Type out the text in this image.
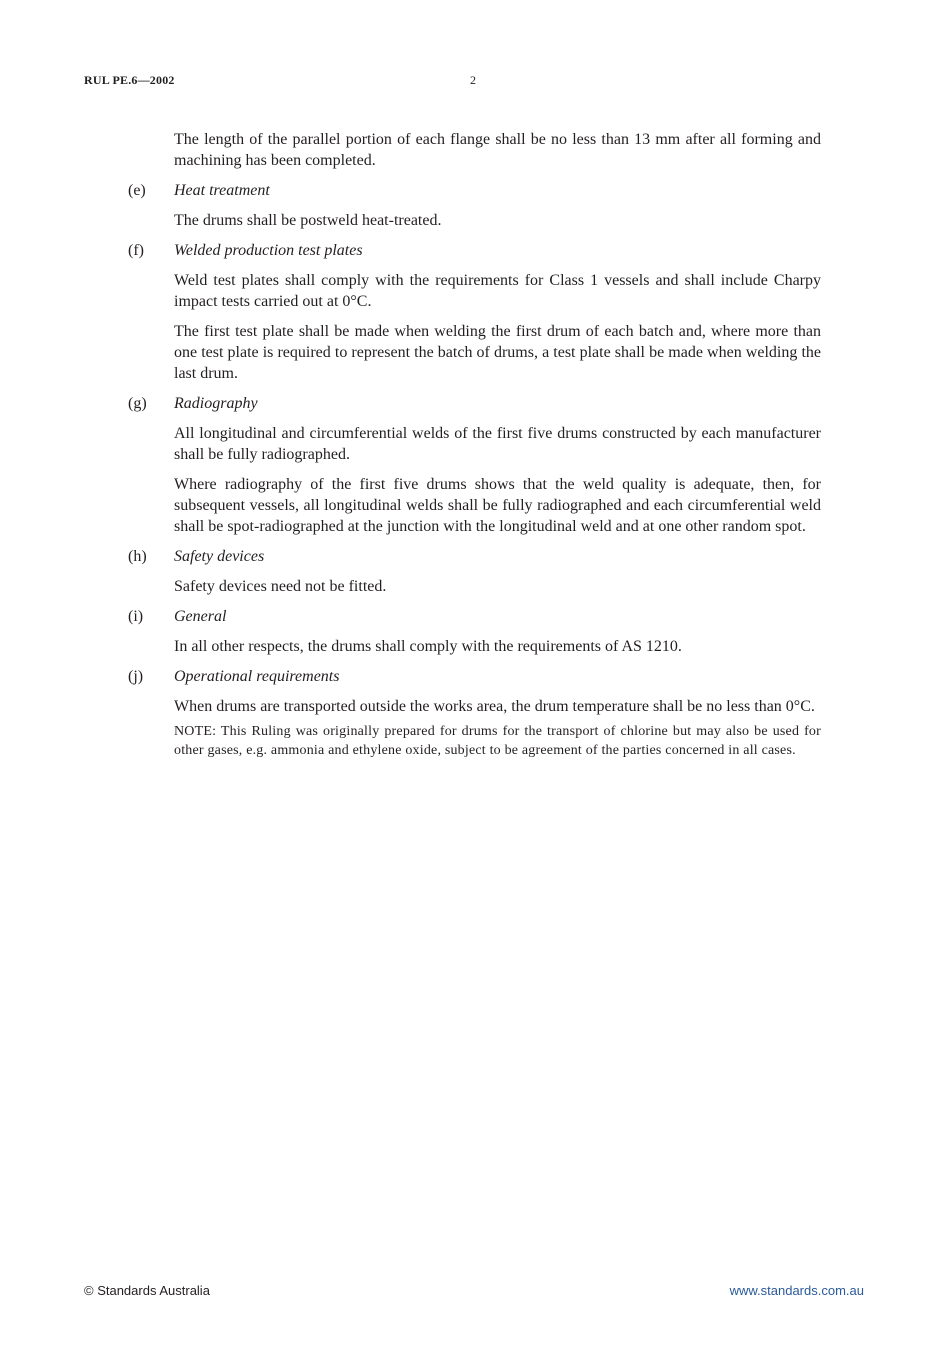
RUL PE.6—2002	2

The length of the parallel portion of each flange shall be no less than 13 mm after all forming and machining has been completed.

(e)	Heat treatment

The drums shall be postweld heat-treated.

(f)	Welded production test plates

Weld test plates shall comply with the requirements for Class 1 vessels and shall include Charpy impact tests carried out at 0°C.

The first test plate shall be made when welding the first drum of each batch and, where more than one test plate is required to represent the batch of drums, a test plate shall be made when welding the last drum.

(g)	Radiography

All longitudinal and circumferential welds of the first five drums constructed by each manufacturer shall be fully radiographed.

Where radiography of the first five drums shows that the weld quality is adequate, then, for subsequent vessels, all longitudinal welds shall be fully radiographed and each circumferential weld shall be spot-radiographed at the junction with the longitudinal weld and at one other random spot.

(h)	Safety devices

Safety devices need not be fitted.

(i)	General

In all other respects, the drums shall comply with the requirements of AS 1210.

(j)	Operational requirements

When drums are transported outside the works area, the drum temperature shall be no less than 0°C.

NOTE: This Ruling was originally prepared for drums for the transport of chlorine but may also be used for other gases, e.g. ammonia and ethylene oxide, subject to be agreement of the parties concerned in all cases.

© Standards Australia	www.standards.com.au
